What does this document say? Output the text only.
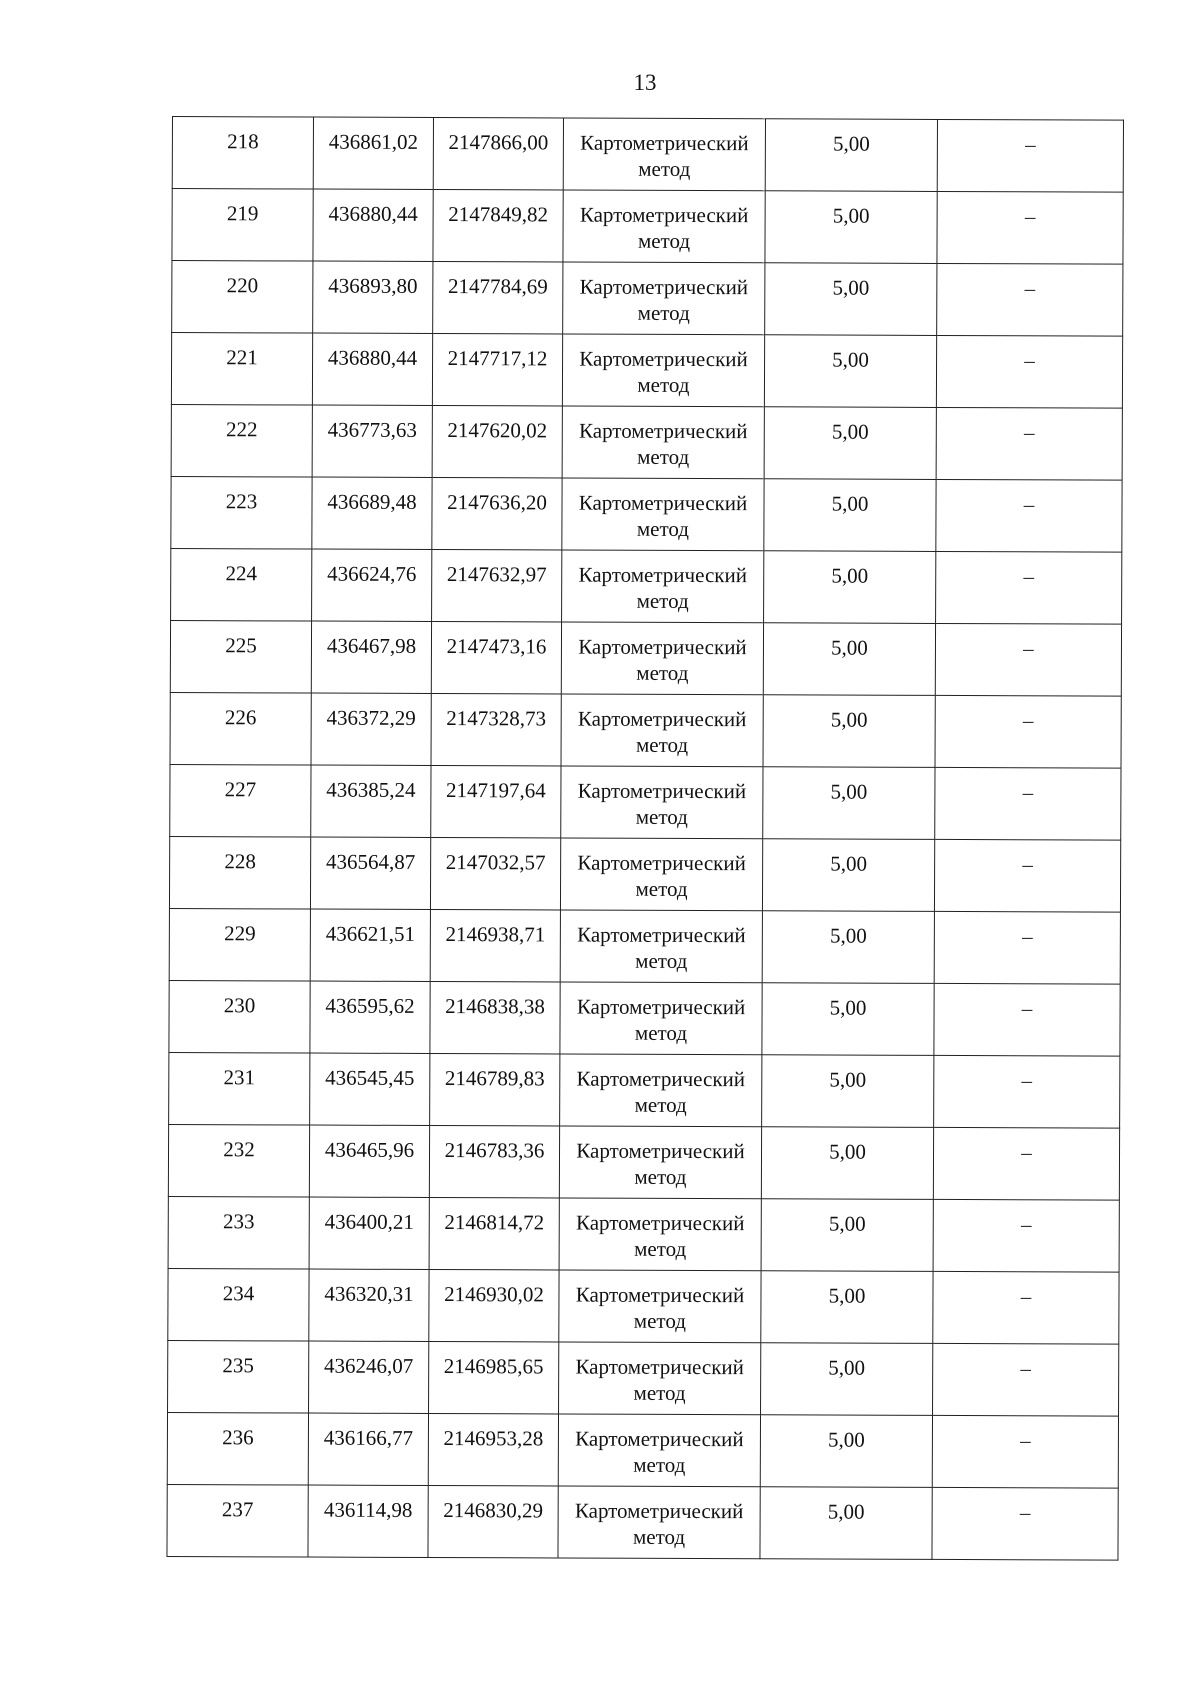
13
218	436861,02	2147866,00	Картометрический метод	5,00	–
219	436880,44	2147849,82	Картометрический метод	5,00	–
220	436893,80	2147784,69	Картометрический метод	5,00	–
221	436880,44	2147717,12	Картометрический метод	5,00	–
222	436773,63	2147620,02	Картометрический метод	5,00	–
223	436689,48	2147636,20	Картометрический метод	5,00	–
224	436624,76	2147632,97	Картометрический метод	5,00	–
225	436467,98	2147473,16	Картометрический метод	5,00	–
226	436372,29	2147328,73	Картометрический метод	5,00	–
227	436385,24	2147197,64	Картометрический метод	5,00	–
228	436564,87	2147032,57	Картометрический метод	5,00	–
229	436621,51	2146938,71	Картометрический метод	5,00	–
230	436595,62	2146838,38	Картометрический метод	5,00	–
231	436545,45	2146789,83	Картометрический метод	5,00	–
232	436465,96	2146783,36	Картометрический метод	5,00	–
233	436400,21	2146814,72	Картометрический метод	5,00	–
234	436320,31	2146930,02	Картометрический метод	5,00	–
235	436246,07	2146985,65	Картометрический метод	5,00	–
236	436166,77	2146953,28	Картометрический метод	5,00	–
237	436114,98	2146830,29	Картометрический метод	5,00	–
